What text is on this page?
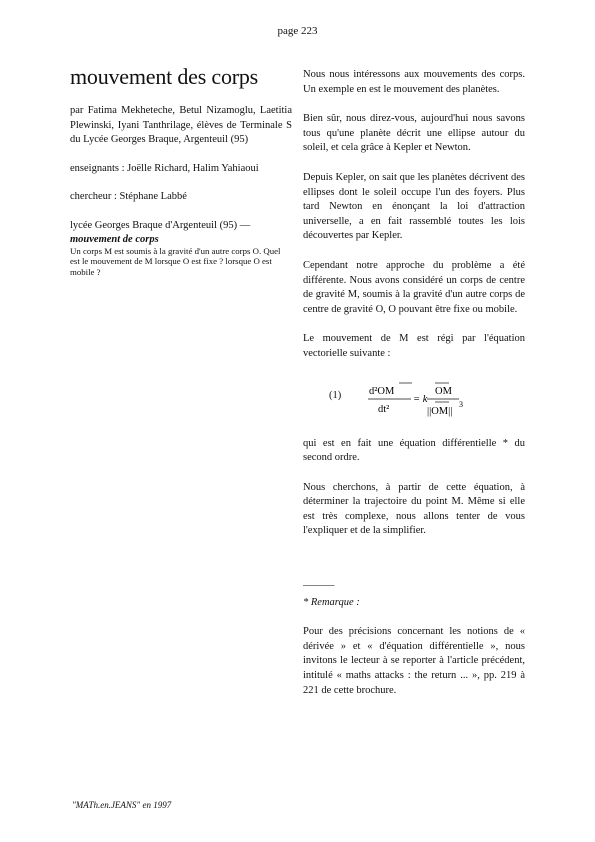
page 223
mouvement des corps

par Fatima Mekheteche, Betul Nizamoglu, Laetitia Plewinski, Iyani Tanthrilage, élèves de Terminale S du Lycée Georges Braque, Argenteuil (95)

enseignants : Joëlle Richard, Halim Yahiaoui

chercheur : Stéphane Labbé

lycée Georges Braque d'Argenteuil (95) —

mouvement de corps

Un corps M est soumis à la gravité d'un autre corps O. Quel est le mouvement de M lorsque O est fixe ? lorsque O est mobile ?

Nous nous intéressons aux mouvements des corps. Un exemple en est le mouvement des planètes.

Bien sûr, nous direz-vous, aujourd'hui nous savons tous qu'une planète décrit une ellipse autour du soleil, et cela grâce à Kepler et Newton.

Depuis Kepler, on sait que les planètes décrivent des ellipses dont le soleil occupe l'un des foyers. Plus tard Newton en énonçant la loi d'attraction universelle, a en fait rassemblé toutes les lois découvertes par Kepler.

Cependant notre approche du problème a été différente. Nous avons considéré un corps de centre de gravité M, soumis à la gravité d'un autre corps de centre de gravité O, O pouvant être fixe ou mobile.

Le mouvement de M est régi par l'équation vectorielle suivante :

(1)	d²OM
dt²
= k
OM
||OM||
3

qui est en fait une équation différentielle * du second ordre.

Nous cherchons, à partir de cette équation, à déterminer la trajectoire du point M. Même si elle est très complexe, nous allons tenter de vous l'expliquer et de la simplifier.

———
* Remarque :

Pour des précisions concernant les notions de « dérivée » et « d'équation différentielle », nous invitons le lecteur à se reporter à l'article précédent, intitulé « maths attacks : the return ... », pp. 219 à 221 de cette brochure.

"MATh.en.JEANS" en 1997
